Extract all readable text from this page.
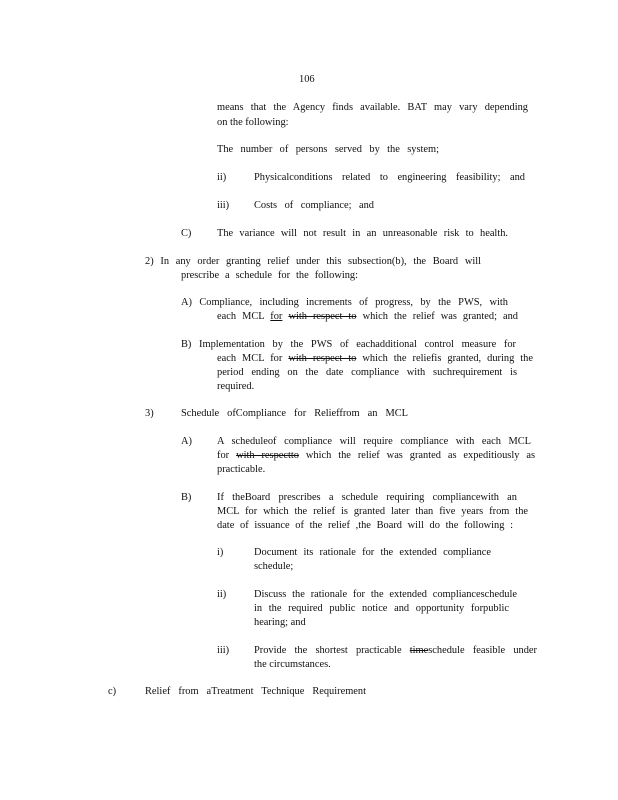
106
means that the Agency finds available. BAT may vary depending
on the following:
The number of persons served by the system;
ii)	Physicalconditions related to engineering feasibility; and
iii) Costs of compliance; and
C) The variance will not result in an unreasonable risk to health.
2) In any order granting relief under this subsection(b), the Board will
prescribe a schedule for the following:
A) Compliance, including increments of progress, by the PWS, with
each MCL for with respect to which the relief was granted; and
B) Implementation by the PWS of eachadditional control measure for
each MCL for with respect to which the reliefis granted, during the
period ending on the date compliance with suchrequirement is
required.
3)	Schedule ofCompliance for Relieffrom an MCL
A) A scheduleof compliance will require compliance with each MCL
for with respectto which the relief was granted as expeditiously as
practicable.
B) If theBoard prescribes a schedule requiring compliancewith an
MCL for which the relief is granted later than five years from the
date of issuance of the relief ,the Board will do the following :
i)	Document its rationale for the extended compliance
schedule;
ii)	Discuss the rationale for the extended complianceschedule
in the required public notice and opportunity forpublic
hearing; and
iii) Provide the shortest practicable timeschedule feasible under
the circumstances.
c)	Relief from aTreatment Technique Requirement
